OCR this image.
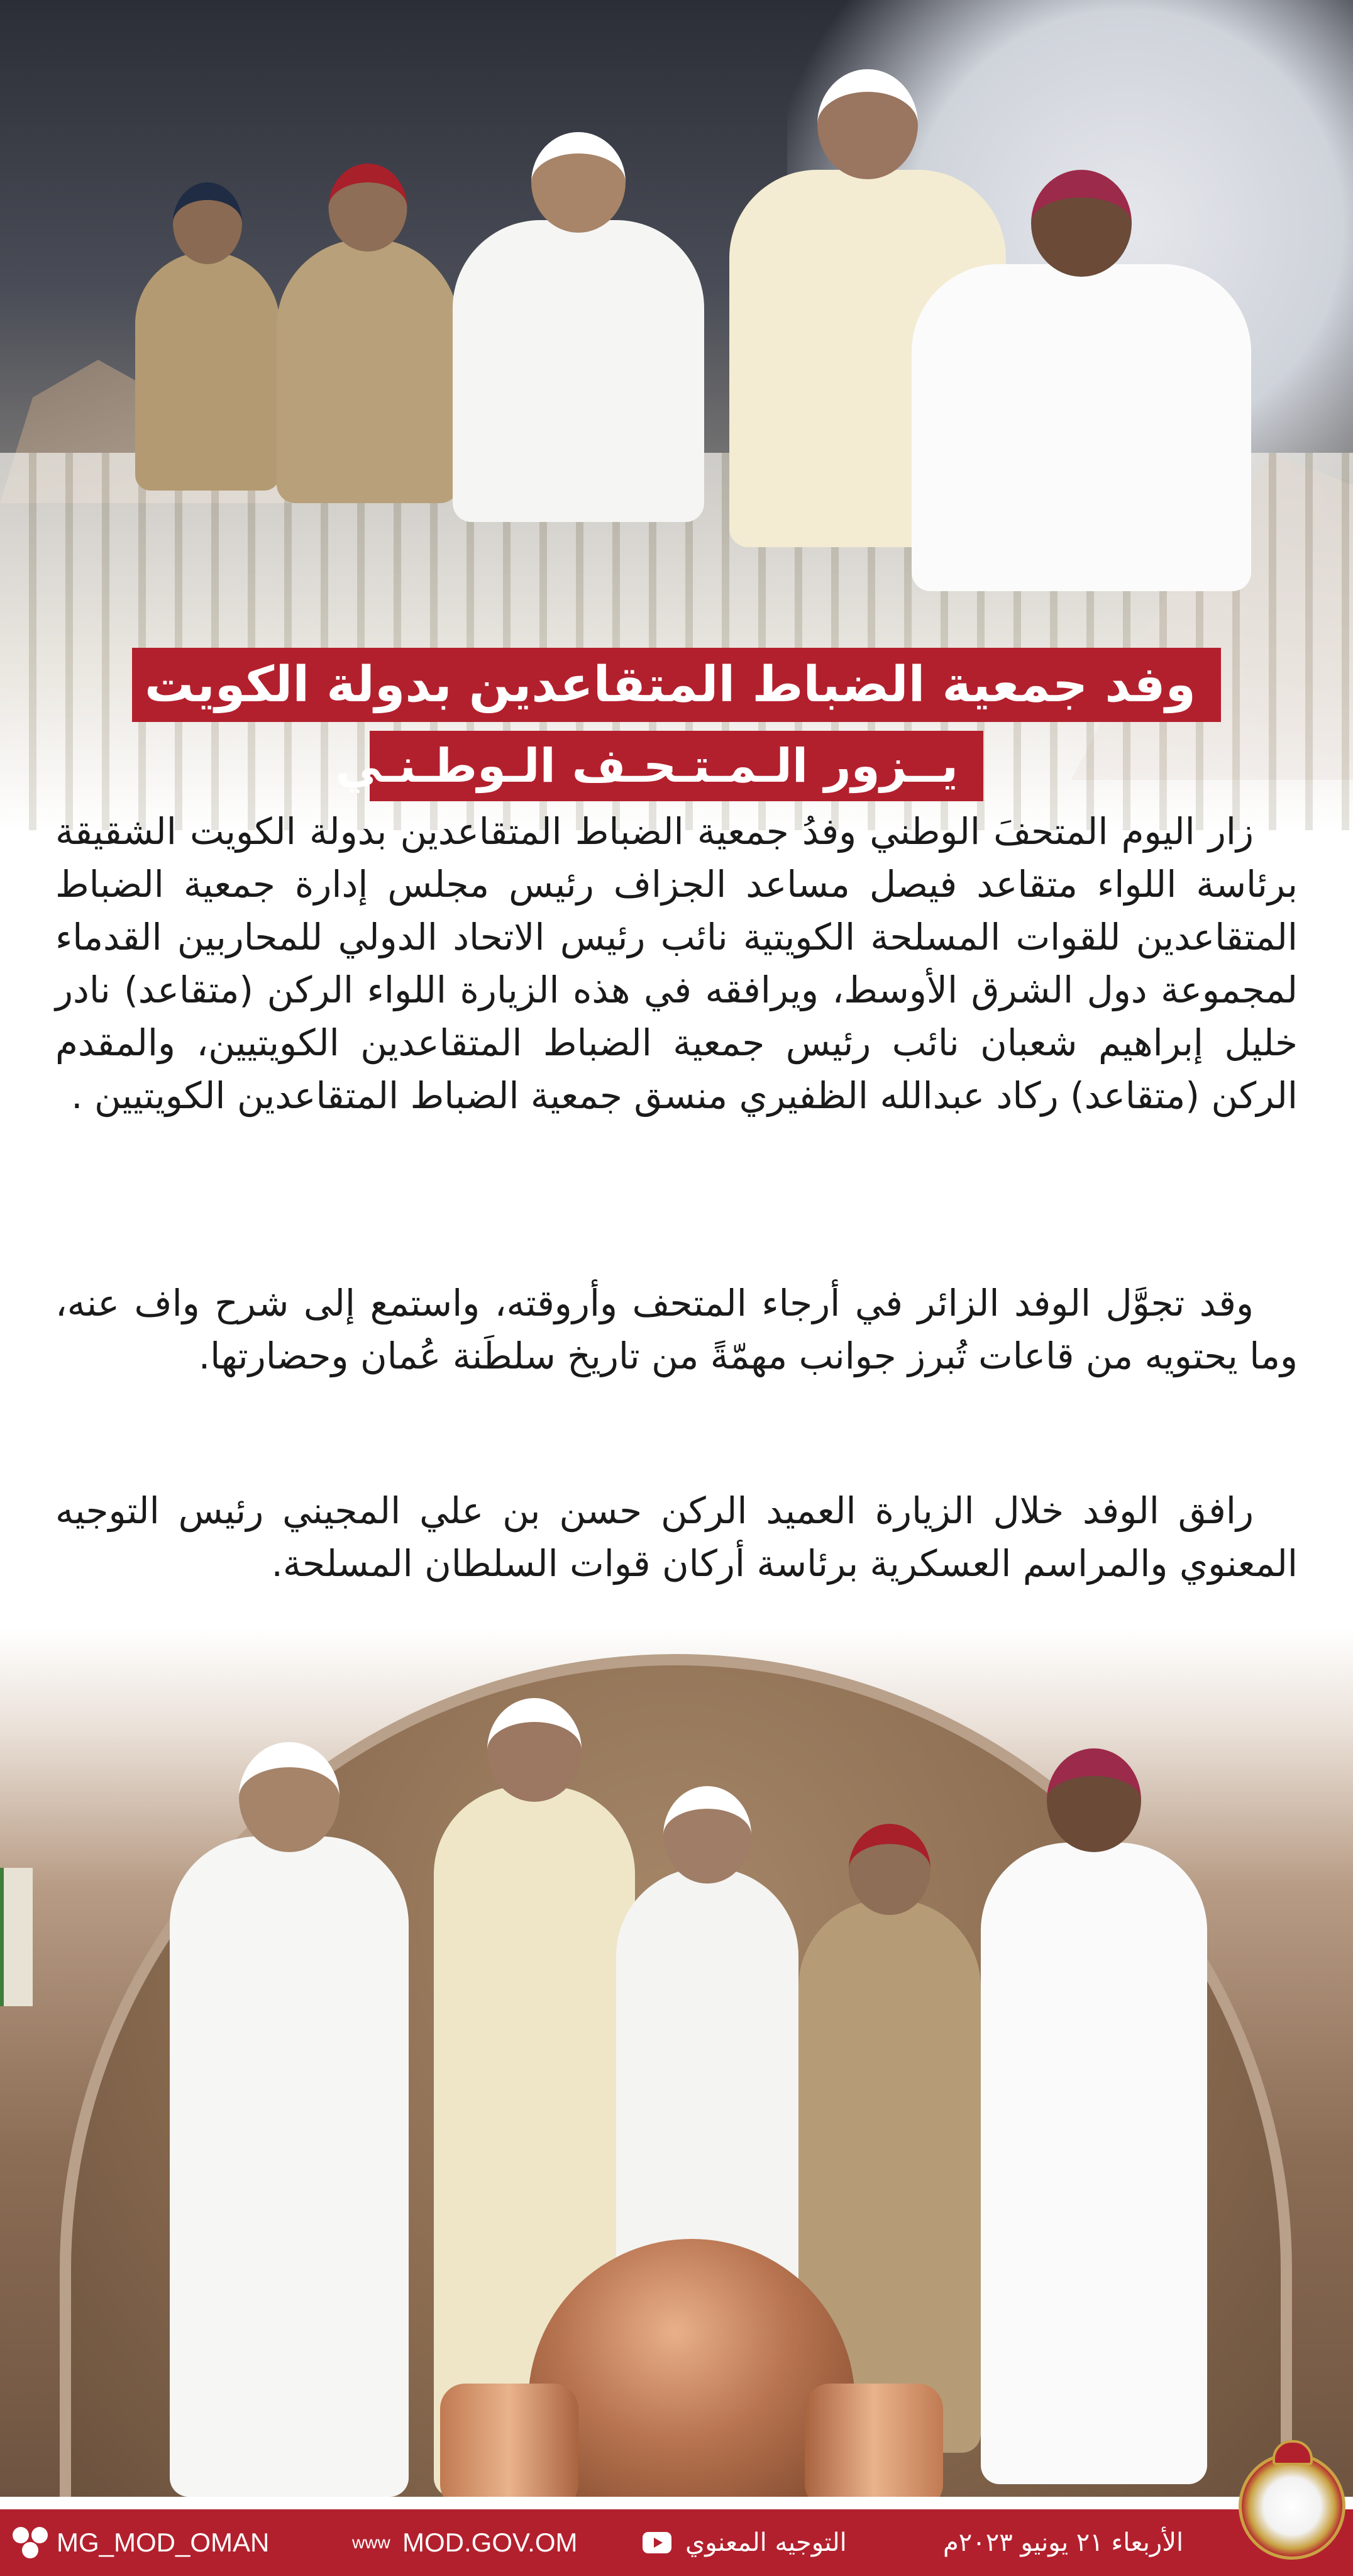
وفد جمعية الضباط المتقاعدين بدولة الكويت
يــزور الـمـتـحـف الـوطـنـي
زار اليوم المتحفَ الوطني وفدُ جمعية الضباط المتقاعدين بدولة الكويت الشقيقة برئاسة اللواء متقاعد فيصل مساعد الجزاف رئيس مجلس إدارة جمعية الضباط المتقاعدين للقوات المسلحة الكويتية نائب رئيس الاتحاد الدولي للمحاربين القدماء لمجموعة دول الشرق الأوسط، ويرافقه في هذه الزيارة اللواء الركن (متقاعد) نادر خليل إبراهيم شعبان نائب رئيس جمعية الضباط المتقاعدين الكويتيين، والمقدم الركن (متقاعد) ركاد عبدالله الظفيري منسق جمعية الضباط المتقاعدين الكويتيين .
وقد تجوَّل الوفد الزائر في أرجاء المتحف وأروقته، واستمع إلى شرح واف عنه، وما يحتويه من قاعات تُبرز جوانب مهمّةً من تاريخ سلطَنة عُمان وحضارتها.
رافق الوفد خلال الزيارة العميد الركن حسن بن علي المجيني رئيس التوجيه المعنوي والمراسم العسكرية برئاسة أركان قوات السلطان المسلحة.
MG_MOD_OMAN	www MOD.GOV.OM	التوجيه المعنوي	الأربعاء ٢١ يونيو ٢٠٢٣م
